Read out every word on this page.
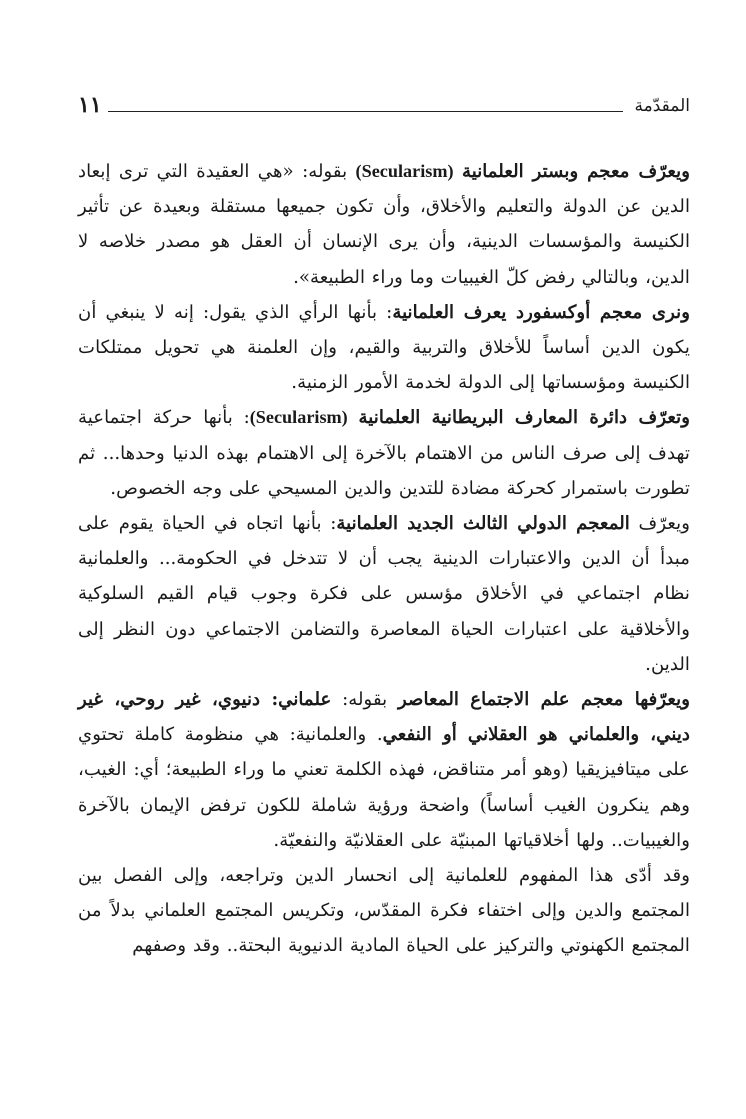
المقدّمة
١١

ويعرّف معجم وبستر العلمانية (Secularism) بقوله: «هي العقيدة التي ترى إبعاد الدين عن الدولة والتعليم والأخلاق، وأن تكون جميعها مستقلة وبعيدة عن تأثير الكنيسة والمؤسسات الدينية، وأن يرى الإنسان أن العقل هو مصدر خلاصه لا الدين، وبالتالي رفض كلّ الغيبيات وما وراء الطبيعة».

ونرى معجم أوكسفورد يعرف العلمانية: بأنها الرأي الذي يقول: إنه لا ينبغي أن يكون الدين أساساً للأخلاق والتربية والقيم، وإن العلمنة هي تحويل ممتلكات الكنيسة ومؤسساتها إلى الدولة لخدمة الأمور الزمنية.

وتعرّف دائرة المعارف البريطانية العلمانية (Secularism): بأنها حركة اجتماعية تهدف إلى صرف الناس من الاهتمام بالآخرة إلى الاهتمام بهذه الدنيا وحدها... ثم تطورت باستمرار كحركة مضادة للتدين والدين المسيحي على وجه الخصوص.

ويعرّف المعجم الدولي الثالث الجديد العلمانية: بأنها اتجاه في الحياة يقوم على مبدأ أن الدين والاعتبارات الدينية يجب أن لا تتدخل في الحكومة... والعلمانية نظام اجتماعي في الأخلاق مؤسس على فكرة وجوب قيام القيم السلوكية والأخلاقية على اعتبارات الحياة المعاصرة والتضامن الاجتماعي دون النظر إلى الدين.

ويعرّفها معجم علم الاجتماع المعاصر بقوله: علماني: دنيوي، غير روحي، غير ديني، والعلماني هو العقلاني أو النفعي. والعلمانية: هي منظومة كاملة تحتوي على ميتافيزيقيا (وهو أمر متناقض، فهذه الكلمة تعني ما وراء الطبيعة؛ أي: الغيب، وهم ينكرون الغيب أساساً) واضحة ورؤية شاملة للكون ترفض الإيمان بالآخرة والغيبيات.. ولها أخلاقياتها المبنيّة على العقلانيّة والنفعيّة.

وقد أدّى هذا المفهوم للعلمانية إلى انحسار الدين وتراجعه، وإلى الفصل بين المجتمع والدين وإلى اختفاء فكرة المقدّس، وتكريس المجتمع العلماني بدلاً من المجتمع الكهنوتي والتركيز على الحياة المادية الدنيوية البحتة.. وقد وصفهم
